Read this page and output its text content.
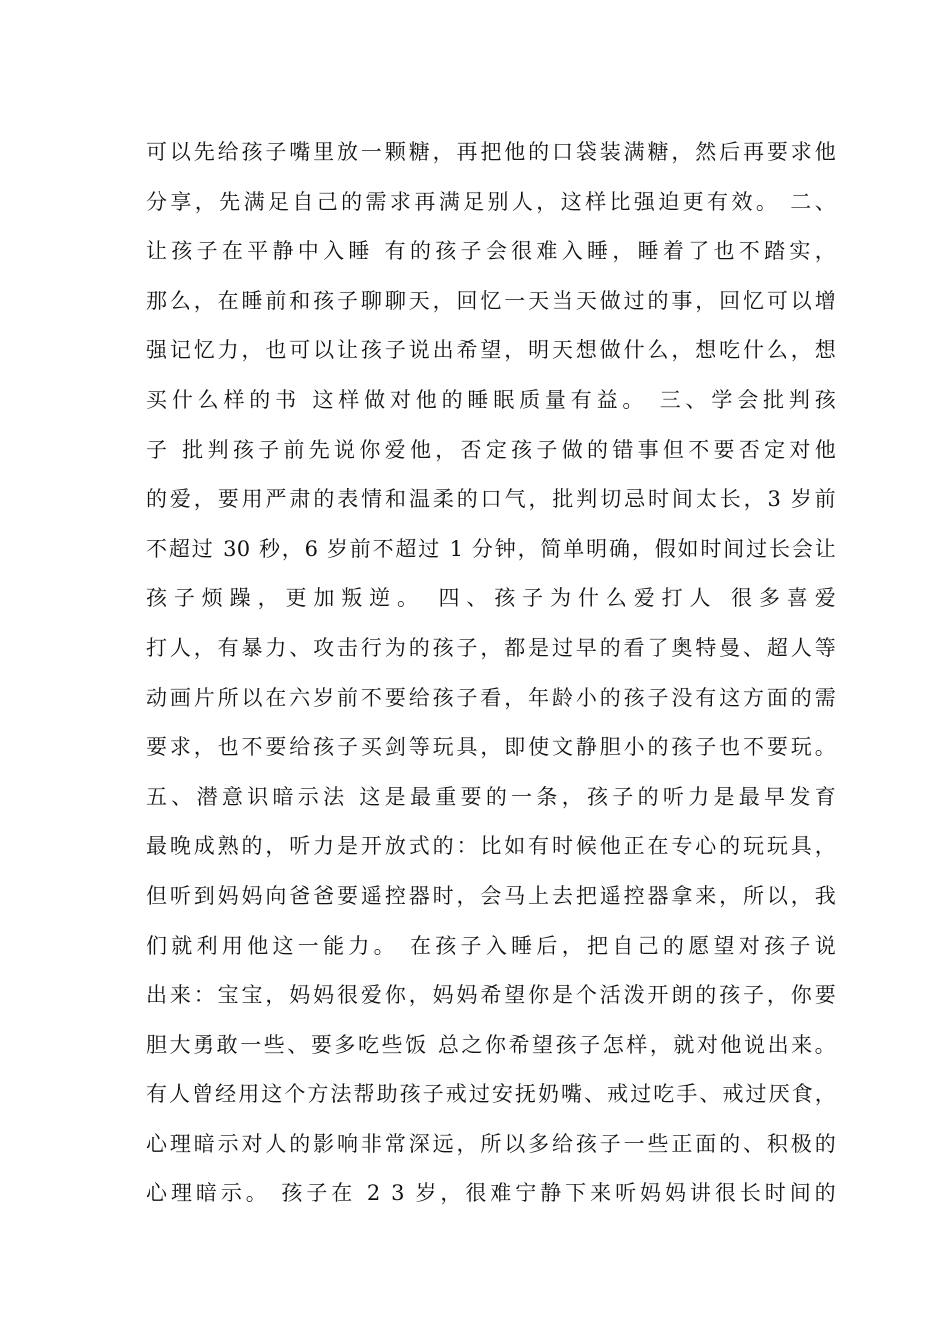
可以先给孩子嘴里放一颗糖，再把他的口袋装满糖，然后再要求他
分享，先满足自己的需求再满足别人，这样比强迫更有效。 二、
让孩子在平静中入睡 有的孩子会很难入睡，睡着了也不踏实，
那么，在睡前和孩子聊聊天，回忆一天当天做过的事，回忆可以增
强记忆力，也可以让孩子说出希望，明天想做什么，想吃什么，想
买什么样的书 这样做对他的睡眠质量有益。 三、学会批判孩
子 批判孩子前先说你爱他，否定孩子做的错事但不要否定对他
的爱，要用严肃的表情和温柔的口气，批判切忌时间太长，3 岁前
不超过 30 秒，6 岁前不超过 1 分钟，简单明确，假如时间过长会让
孩子烦躁，更加叛逆。 四、孩子为什么爱打人 很多喜爱
打人，有暴力、攻击行为的孩子，都是过早的看了奥特曼、超人等
动画片所以在六岁前不要给孩子看，年龄小的孩子没有这方面的需
要求，也不要给孩子买剑等玩具，即使文静胆小的孩子也不要玩。
五、潜意识暗示法 这是最重要的一条，孩子的听力是最早发育
最晚成熟的，听力是开放式的：比如有时候他正在专心的玩玩具，
但听到妈妈向爸爸要遥控器时，会马上去把遥控器拿来，所以，我
们就利用他这一能力。 在孩子入睡后，把自己的愿望对孩子说
出来：宝宝，妈妈很爱你，妈妈希望你是个活泼开朗的孩子，你要
胆大勇敢一些、要多吃些饭 总之你希望孩子怎样，就对他说出来。
有人曾经用这个方法帮助孩子戒过安抚奶嘴、戒过吃手、戒过厌食，
心理暗示对人的影响非常深远，所以多给孩子一些正面的、积极的
心理暗示。 孩子在 2 3 岁，很难宁静下来听妈妈讲很长时间的
